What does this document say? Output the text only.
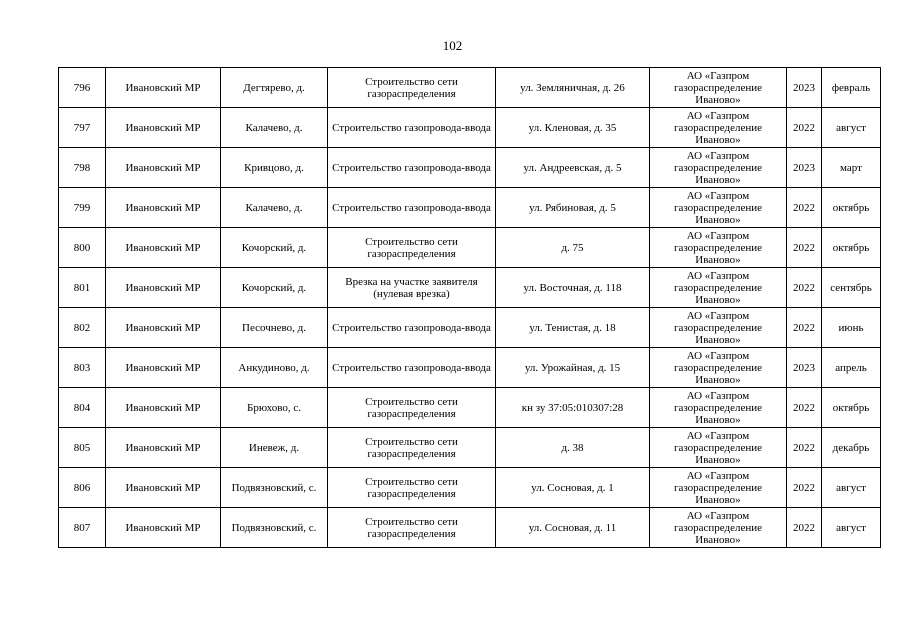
102
796	Ивановский МР	Дегтярево, д.	Строительство сети газораспределения	ул. Земляничная, д. 26	АО «Газпром
газораспределение
Иваново»	2023	февраль
797	Ивановский МР	Калачево, д.	Строительство газопровода-ввода	ул. Кленовая, д. 35	АО «Газпром
газораспределение
Иваново»	2022	август
798	Ивановский МР	Кривцово, д.	Строительство газопровода-ввода	ул. Андреевская, д. 5	АО «Газпром
газораспределение
Иваново»	2023	март
799	Ивановский МР	Калачево, д.	Строительство газопровода-ввода	ул. Рябиновая, д. 5	АО «Газпром
газораспределение
Иваново»	2022	октябрь
800	Ивановский МР	Кочорский, д.	Строительство сети газораспределения	д. 75	АО «Газпром
газораспределение
Иваново»	2022	октябрь
801	Ивановский МР	Кочорский, д.	Врезка на участке заявителя (нулевая врезка)	ул. Восточная, д. 118	АО «Газпром
газораспределение
Иваново»	2022	сентябрь
802	Ивановский МР	Песочнево, д.	Строительство газопровода-ввода	ул. Тенистая, д. 18	АО «Газпром
газораспределение
Иваново»	2022	июнь
803	Ивановский МР	Анкудиново, д.	Строительство газопровода-ввода	ул. Урожайная, д. 15	АО «Газпром
газораспределение
Иваново»	2023	апрель
804	Ивановский МР	Брюхово, с.	Строительство сети газораспределения	кн зу 37:05:010307:28	АО «Газпром
газораспределение
Иваново»	2022	октябрь
805	Ивановский МР	Иневеж, д.	Строительство сети газораспределения	д. 38	АО «Газпром
газораспределение
Иваново»	2022	декабрь
806	Ивановский МР	Подвязновский, с.	Строительство сети газораспределения	ул. Сосновая, д. 1	АО «Газпром
газораспределение
Иваново»	2022	август
807	Ивановский МР	Подвязновский, с.	Строительство сети газораспределения	ул. Сосновая, д. 11	АО «Газпром
газораспределение
Иваново»	2022	август
